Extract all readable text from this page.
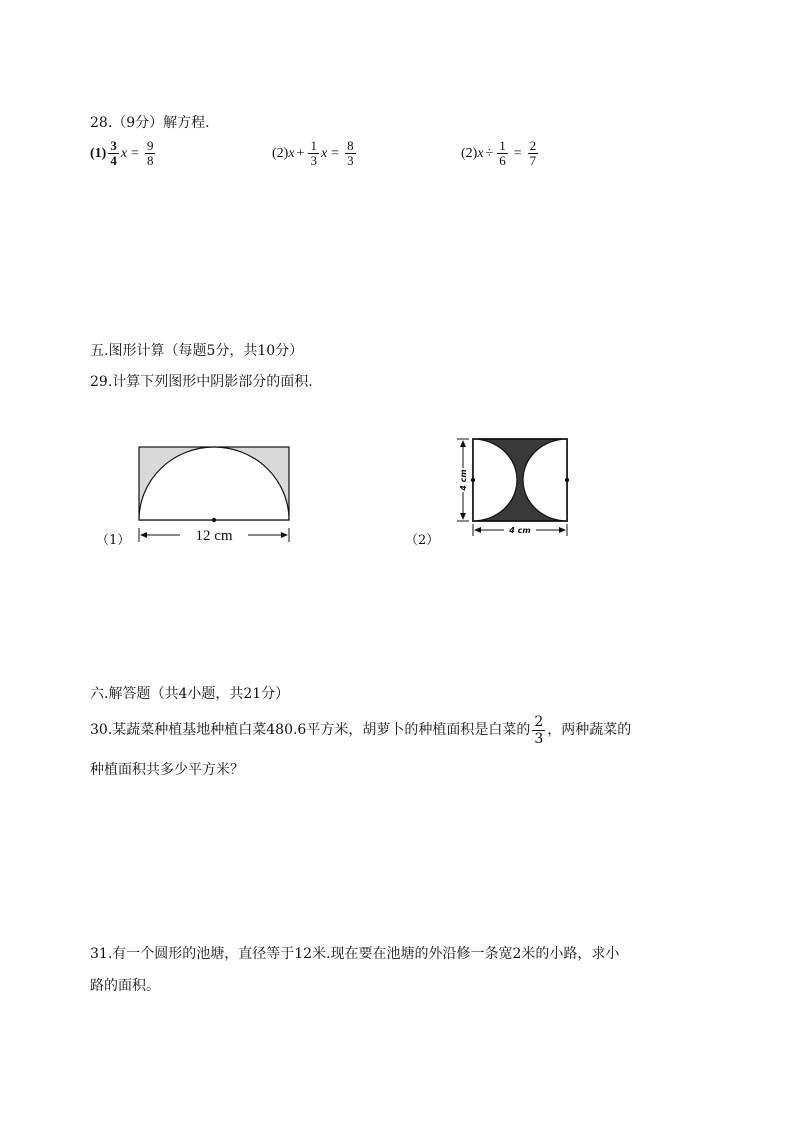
28.（9分）解方程.
$(1) \frac{3}{4}$ $x = \frac{9}{8}$	(2) $x + \frac{1}{3}$ $x = \frac{8}{3}$	(2) $x \div \frac{1}{6} = \frac{2}{7}$
五.图形计算（每题5分，共10分）
29.计算下列图形中阴影部分的面积.
（1）	12 cm	（2）
4 cm
4 cm
六.解答题（共4小题，共21分）
30.某蔬菜种植基地种植白菜480.6平方米，胡萝卜的种植面积是白菜的 $\frac{2}{3}$ ，两种蔬菜的
种植面积共多少平方米？
31.有一个圆形的池塘，直径等于12米.现在要在池塘的外沿修一条宽2米的小路，求小
路的面积。
